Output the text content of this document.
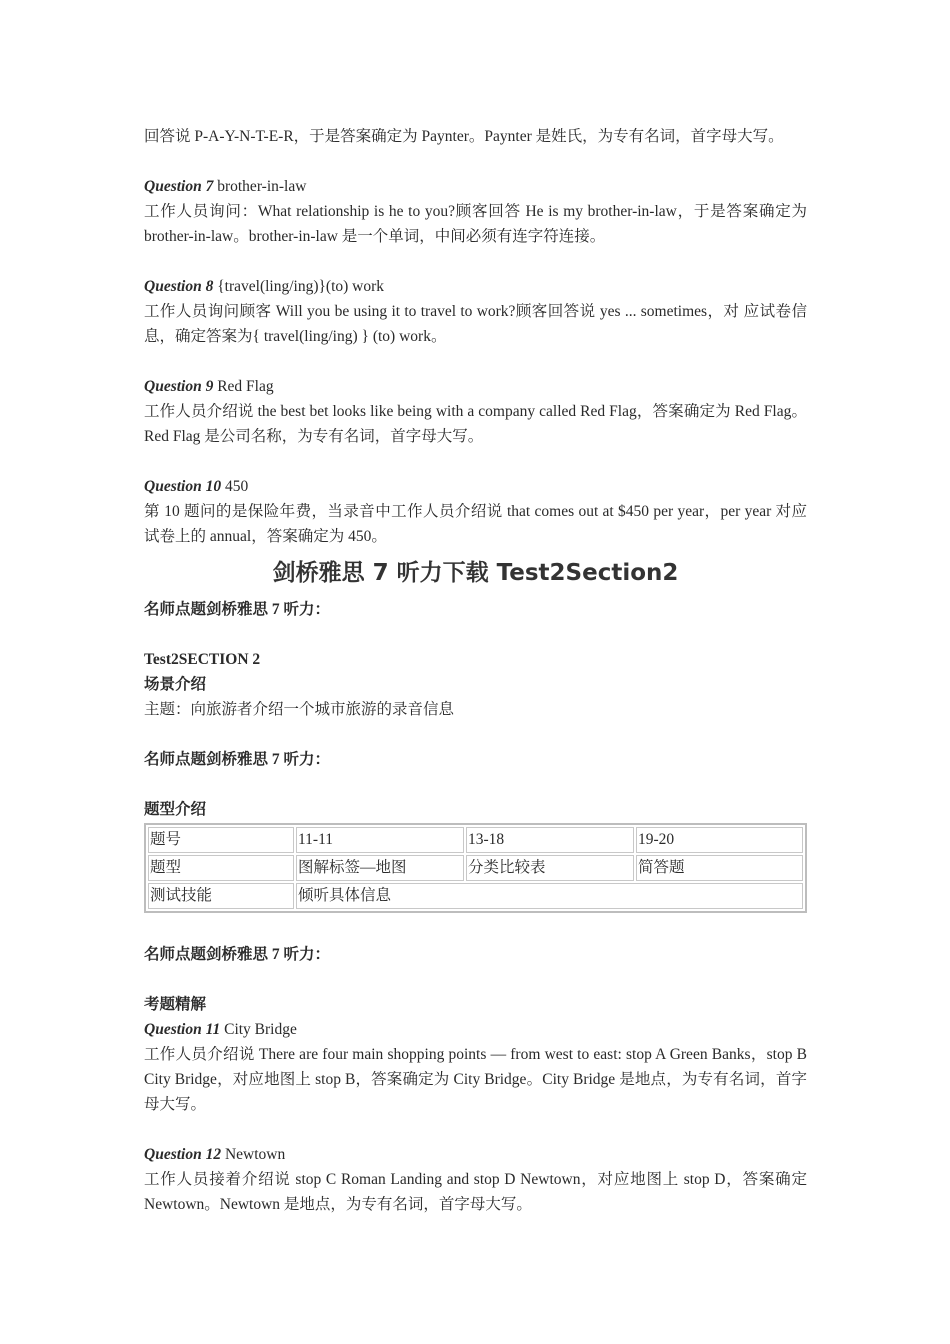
回答说 P-A-Y-N-T-E-R，于是答案确定为 Paynter。Paynter 是姓氏，为专有名词，首字母大写。

Question 7 brother-in-law

工作人员询问：What relationship is he to you?顾客回答 He is my brother-in-law，于是答案确定为 brother-in-law。brother-in-law 是一个单词，中间必须有连字符连接。

Question 8 {travel(ling/ing)}(to) work

工作人员询问顾客 Will you be using it to travel to work?顾客回答说 yes ... sometimes，对 应试卷信息，确定答案为{ travel(ling/ing) } (to) work。

Question 9 Red Flag

工作人员介绍说 the best bet looks like being with a company called Red Flag，答案确定为 Red Flag。Red Flag 是公司名称，为专有名词，首字母大写。

Question 10 450

第 10 题问的是保险年费，当录音中工作人员介绍说 that comes out at $450 per year，per year 对应试卷上的 annual，答案确定为 450。

剑桥雅思 7 听力下载 Test2Section2

名师点题剑桥雅思 7 听力：

Test2SECTION 2

场景介绍

主题：向旅游者介绍一个城市旅游的录音信息

名师点题剑桥雅思 7 听力：

题型介绍

题号	11-11	13-18	19-20
题型	图解标签—地图	分类比较表	简答题
测试技能	倾听具体信息		

名师点题剑桥雅思 7 听力：

考题精解

Question 11 City Bridge

工作人员介绍说 There are four main shopping points — from west to east: stop A Green Banks，stop B City Bridge，对应地图上 stop B，答案确定为 City Bridge。City Bridge 是地点，为专有名词，首字母大写。

Question 12 Newtown

工作人员接着介绍说 stop C Roman Landing and stop D Newtown，对应地图上 stop D，答案确定 Newtown。Newtown 是地点，为专有名词，首字母大写。
